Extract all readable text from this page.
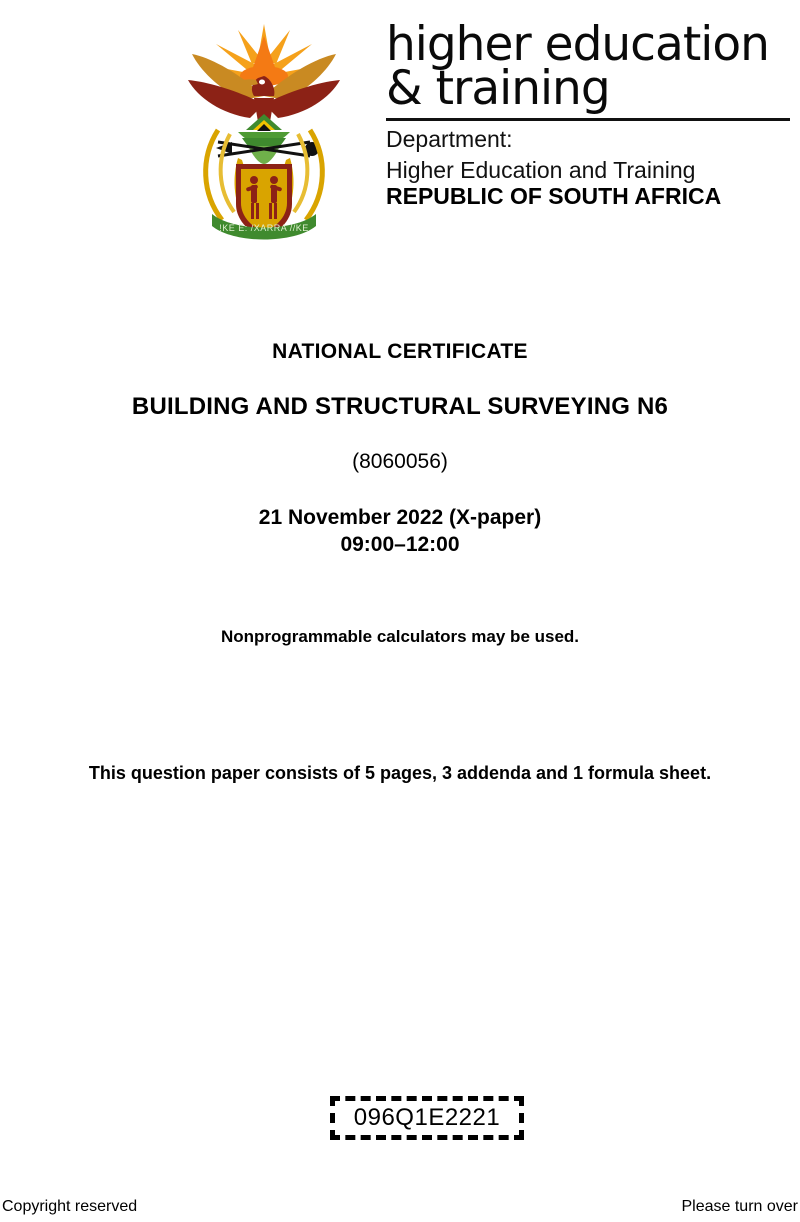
!KE E: /XARRA //KE
higher education
& training
Department:
Higher Education and Training
REPUBLIC OF SOUTH AFRICA
NATIONAL CERTIFICATE
BUILDING AND STRUCTURAL SURVEYING N6
(8060056)
21 November 2022 (X-paper)
09:00–12:00
Nonprogrammable calculators may be used.
This question paper consists of 5 pages, 3 addenda and 1 formula sheet.
096Q1E2221
Copyright reserved	Please turn over
